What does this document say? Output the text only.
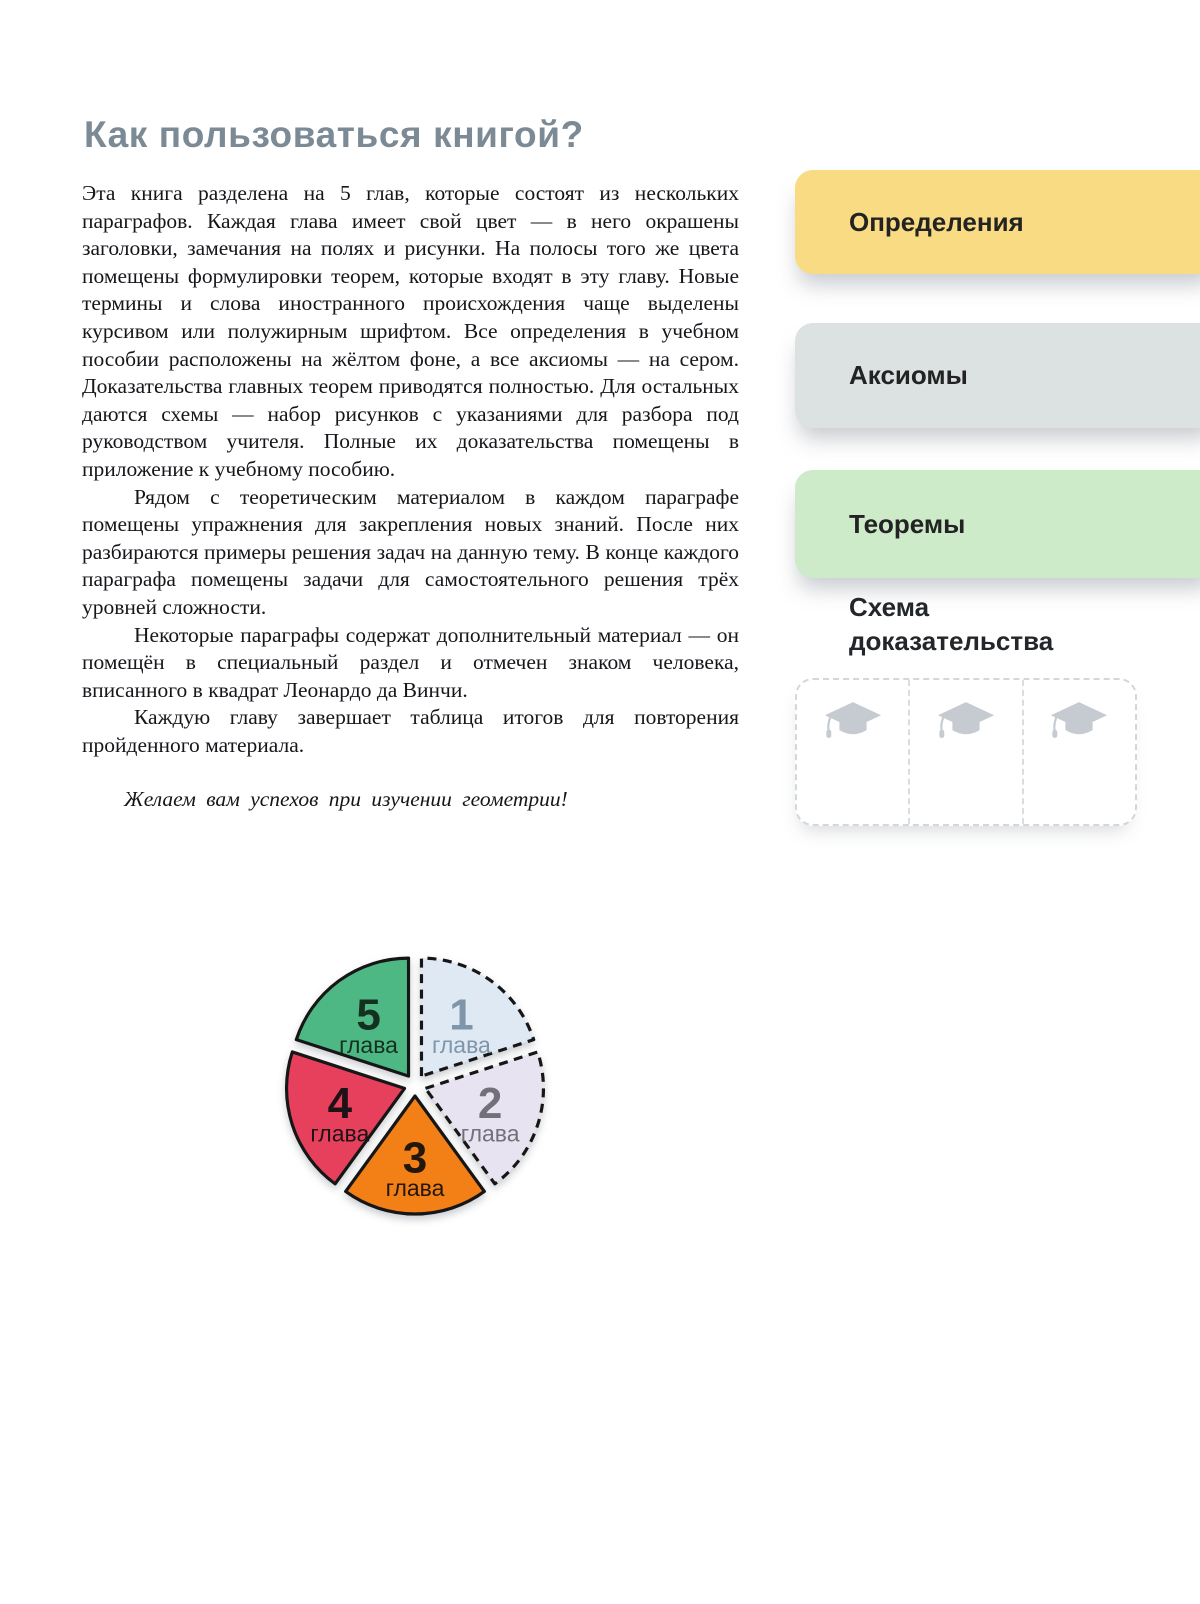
Как пользоваться книгой?

Эта книга разделена на 5 глав, которые состоят из нескольких параграфов. Каждая глава имеет свой цвет — в него окрашены заголовки, замечания на полях и рисунки. На полосы того же цвета помещены формулировки теорем, которые входят в эту главу. Новые термины и слова иностранного происхождения чаще выделены курсивом или полужирным шрифтом. Все определения в учебном пособии расположены на жёлтом фоне, а все аксиомы — на сером. Доказательства главных теорем приводятся полностью. Для остальных даются схемы — набор рисунков с указаниями для разбора под руководством учителя. Полные их доказательства помещены в приложение к учебному пособию.

Рядом с теоретическим материалом в каждом параграфе помещены упражнения для закрепления новых знаний. После них разбираются примеры решения задач на данную тему. В конце каждого параграфа помещены задачи для самостоятельного решения трёх уровней сложности.

Некоторые параграфы содержат дополнительный материал — он помещён в специальный раздел и отмечен знаком человека, вписанного в квадрат Леонардо да Винчи.

Каждую главу завершает таблица итогов для повторения пройденного материала.

Желаем вам успехов при изучении геометрии!

Определения
Аксиомы
Теоремы
Схема доказательства
1
глава
2
глава
3
глава
4
глава
5
глава
